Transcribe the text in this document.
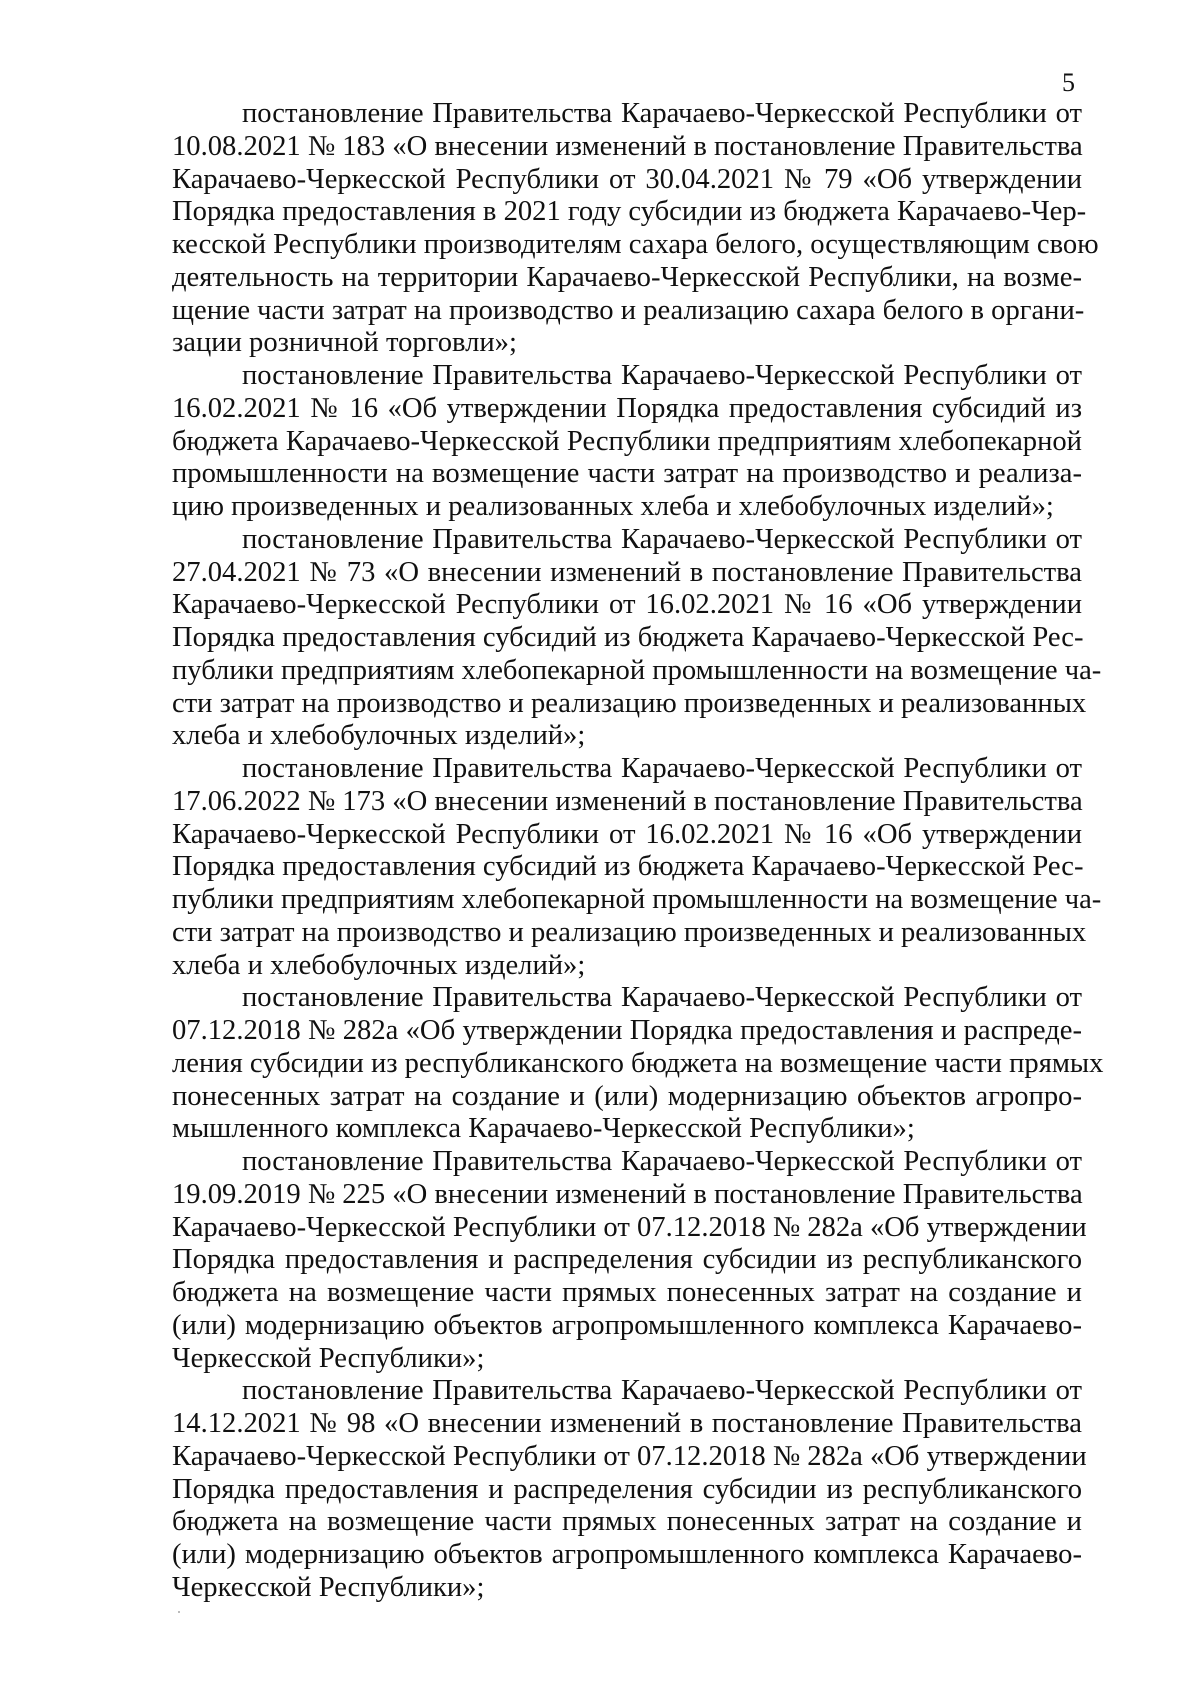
5

постановление Правительства Карачаево-Черкесской Республики от
10.08.2021 № 183 «О внесении изменений в постановление Правительства
Карачаево-Черкесской Республики от 30.04.2021 № 79 «Об утверждении
Порядка предоставления в 2021 году субсидии из бюджета Карачаево-Чер-
кесской Республики производителям сахара белого, осуществляющим свою
деятельность на территории Карачаево-Черкесской Республики, на возме-
щение части затрат на производство и реализацию сахара белого в органи-
зации розничной торговли»;

постановление Правительства Карачаево-Черкесской Республики от
16.02.2021 № 16 «Об утверждении Порядка предоставления субсидий из
бюджета Карачаево-Черкесской Республики предприятиям хлебопекарной
промышленности на возмещение части затрат на производство и реализа-
цию произведенных и реализованных хлеба и хлебобулочных изделий»;

постановление Правительства Карачаево-Черкесской Республики от
27.04.2021 № 73 «О внесении изменений в постановление Правительства
Карачаево-Черкесской Республики от 16.02.2021 № 16 «Об утверждении
Порядка предоставления субсидий из бюджета Карачаево-Черкесской Рес-
публики предприятиям хлебопекарной промышленности на возмещение ча-
сти затрат на производство и реализацию произведенных и реализованных
хлеба и хлебобулочных изделий»;

постановление Правительства Карачаево-Черкесской Республики от
17.06.2022 № 173 «О внесении изменений в постановление Правительства
Карачаево-Черкесской Республики от 16.02.2021 № 16 «Об утверждении
Порядка предоставления субсидий из бюджета Карачаево-Черкесской Рес-
публики предприятиям хлебопекарной промышленности на возмещение ча-
сти затрат на производство и реализацию произведенных и реализованных
хлеба и хлебобулочных изделий»;

постановление Правительства Карачаево-Черкесской Республики от
07.12.2018 № 282а «Об утверждении Порядка предоставления и распреде-
ления субсидии из республиканского бюджета на возмещение части прямых
понесенных затрат на создание и (или) модернизацию объектов агропро-
мышленного комплекса Карачаево-Черкесской Республики»;

постановление Правительства Карачаево-Черкесской Республики от
19.09.2019 № 225 «О внесении изменений в постановление Правительства
Карачаево-Черкесской Республики от 07.12.2018 № 282а «Об утверждении
Порядка предоставления и распределения субсидии из республиканского
бюджета на возмещение части прямых понесенных затрат на создание и
(или) модернизацию объектов агропромышленного комплекса Карачаево-
Черкесской Республики»;

постановление Правительства Карачаево-Черкесской Республики от
14.12.2021 № 98 «О внесении изменений в постановление Правительства
Карачаево-Черкесской Республики от 07.12.2018 № 282а «Об утверждении
Порядка предоставления и распределения субсидии из республиканского
бюджета на возмещение части прямых понесенных затрат на создание и
(или) модернизацию объектов агропромышленного комплекса Карачаево-
Черкесской Республики»;
